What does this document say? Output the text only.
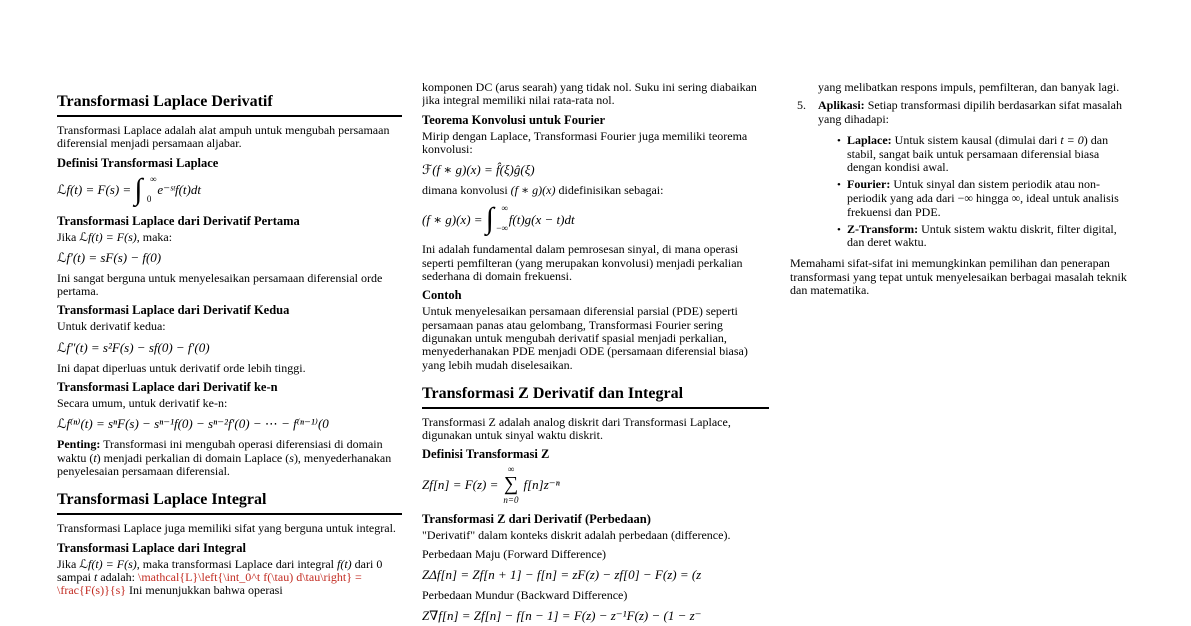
Transformasi Laplace Derivatif

Transformasi Laplace adalah alat ampuh untuk mengubah persamaan diferensial menjadi persamaan aljabar.

Definisi Transformasi Laplace
ℒf(t) = F(s) = ∫ ∞
0
e⁻ˢᵗf(t)dt
Transformasi Laplace dari Derivatif Pertama

Jika ℒf(t) = F(s), maka:

ℒf′(t) = sF(s) − f(0)

Ini sangat berguna untuk menyelesaikan persamaan diferensial orde pertama.

Transformasi Laplace dari Derivatif Kedua

Untuk derivatif kedua:

ℒf″(t) = s²F(s) − sf(0) − f′(0)

Ini dapat diperluas untuk derivatif orde lebih tinggi.

Transformasi Laplace dari Derivatif ke-n

Secara umum, untuk derivatif ke-n:

ℒf⁽ⁿ⁾(t) = sⁿF(s) − sⁿ⁻¹f(0) − sⁿ⁻²f′(0) − ⋯ − f⁽ⁿ⁻¹⁾(0

Penting: Transformasi ini mengubah operasi diferensiasi di domain waktu (t) menjadi perkalian di domain Laplace (s), menyederhanakan penyelesaian persamaan diferensial.

Transformasi Laplace Integral

Transformasi Laplace juga memiliki sifat yang berguna untuk integral.

Transformasi Laplace dari Integral

Jika ℒf(t) = F(s), maka transformasi Laplace dari integral f(t) dari 0 sampai t adalah: \mathcal{L}\left{\int_0^t f(\tau) d\tau\right} = \frac{F(s)}{s} Ini menunjukkan bahwa operasi

komponen DC (arus searah) yang tidak nol. Suku ini sering diabaikan jika integral memiliki nilai rata-rata nol.

Teorema Konvolusi untuk Fourier

Mirip dengan Laplace, Transformasi Fourier juga memiliki teorema konvolusi:

ℱ(f ∗ g)(x) = f̂(ξ)ĝ(ξ)

dimana konvolusi (f ∗ g)(x) didefinisikan sebagai:

(f ∗ g)(x) = ∫ ∞
−∞
f(t)g(x − t)dt

Ini adalah fundamental dalam pemrosesan sinyal, di mana operasi seperti pemfilteran (yang merupakan konvolusi) menjadi perkalian sederhana di domain frekuensi.

Contoh

Untuk menyelesaikan persamaan diferensial parsial (PDE) seperti persamaan panas atau gelombang, Transformasi Fourier sering digunakan untuk mengubah derivatif spasial menjadi perkalian, menyederhanakan PDE menjadi ODE (persamaan diferensial biasa) yang lebih mudah diselesaikan.

Transformasi Z Derivatif dan Integral

Transformasi Z adalah analog diskrit dari Transformasi Laplace, digunakan untuk sinyal waktu diskrit.

Definisi Transformasi Z
Zf[n] = F(z) =
∞
∑
n=0
f[n]z⁻ⁿ
Transformasi Z dari Derivatif (Perbedaan)

"Derivatif" dalam konteks diskrit adalah perbedaan (difference).

Perbedaan Maju (Forward Difference)

ZΔf[n] = Zf[n + 1] − f[n] = zF(z) − zf[0] − F(z) = (z

Perbedaan Mundur (Backward Difference)

Z∇f[n] = Zf[n] − f[n − 1] = F(z) − z⁻¹F(z) − (1 − z⁻

yang melibatkan respons impuls, pemfilteran, dan banyak lagi.

5. Aplikasi: Setiap transformasi dipilih berdasarkan sifat masalah yang dihadapi:
• Laplace: Untuk sistem kausal (dimulai dari t = 0) dan stabil, sangat baik untuk persamaan diferensial biasa dengan kondisi awal.
• Fourier: Untuk sinyal dan sistem periodik atau non-periodik yang ada dari −∞ hingga ∞, ideal untuk analisis frekuensi dan PDE.
• Z-Transform: Untuk sistem waktu diskrit, filter digital, dan deret waktu.

Memahami sifat-sifat ini memungkinkan pemilihan dan penerapan transformasi yang tepat untuk menyelesaikan berbagai masalah teknik dan matematika.
